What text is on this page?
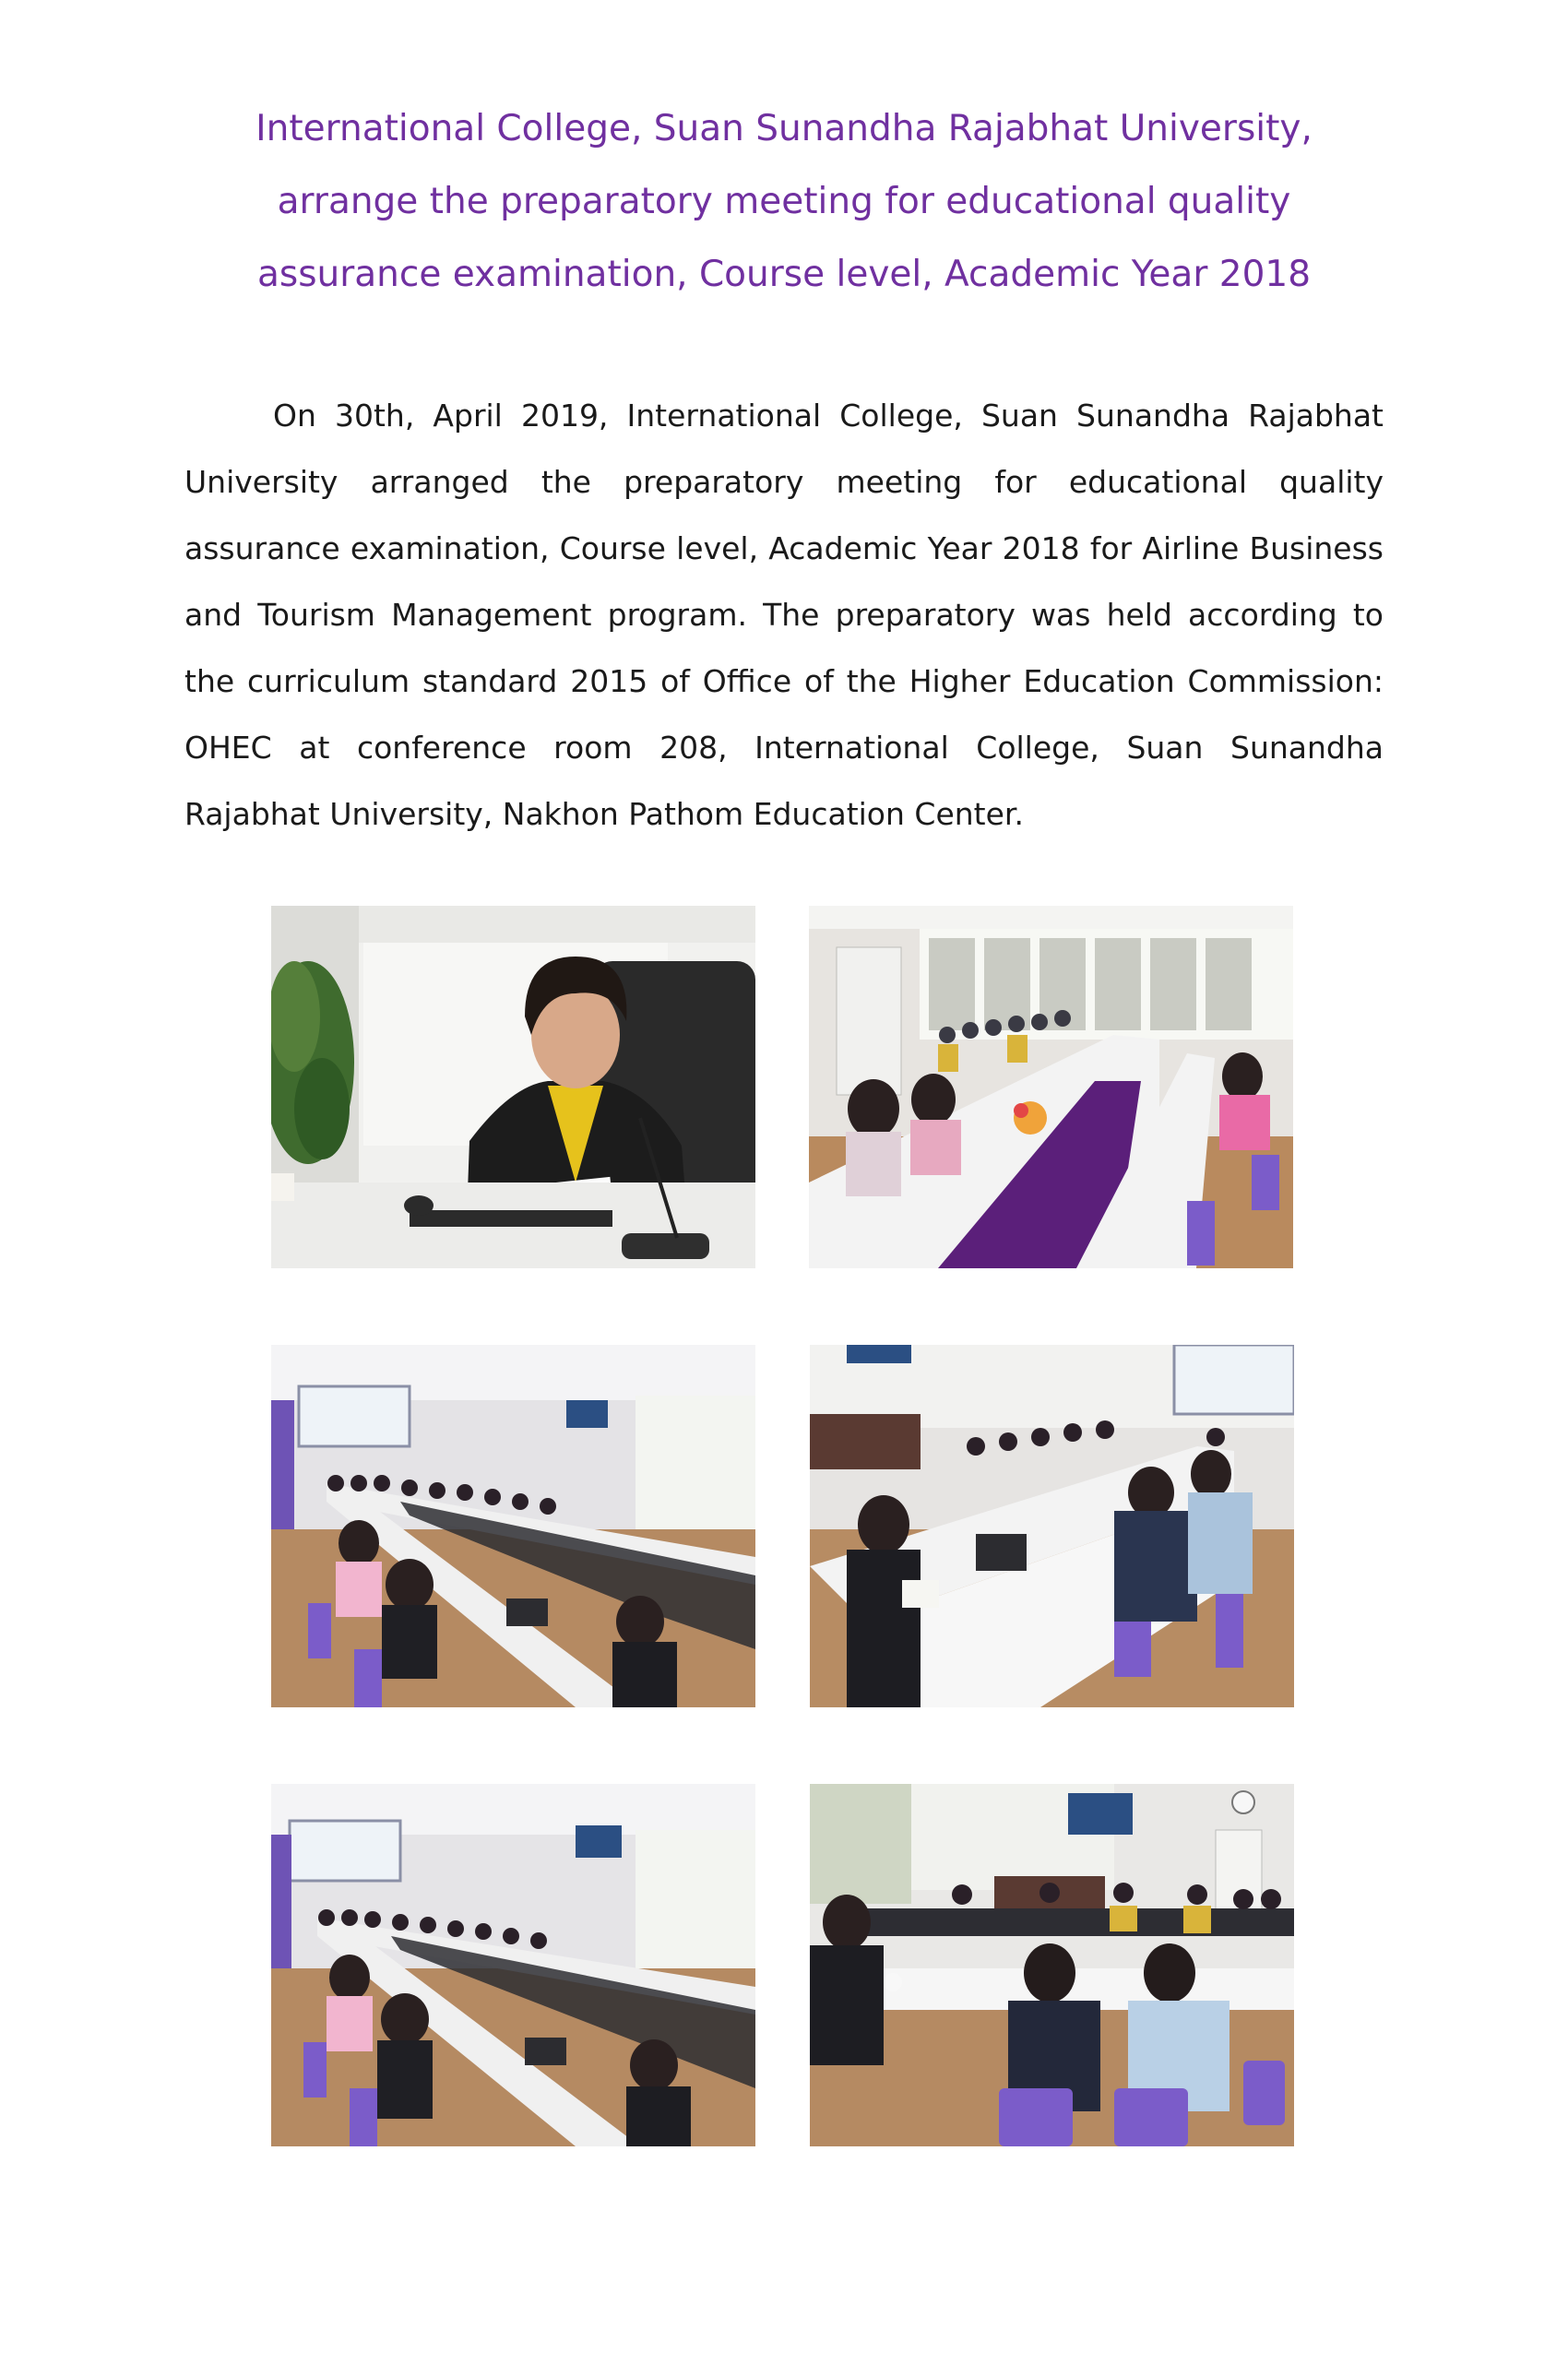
International College, Suan Sunandha Rajabhat University,
arrange the preparatory meeting for educational quality
assurance examination, Course level, Academic Year 2018

On 30th, April 2019, International College, Suan Sunandha Rajabhat University arranged the preparatory meeting for educational quality assurance examination, Course level, Academic Year 2018 for Airline Business and Tourism Management program. The preparatory was held according to the curriculum standard 2015 of Office of the Higher Education Commission: OHEC at conference room 208, International College, Suan Sunandha Rajabhat University, Nakhon Pathom Education Center.
